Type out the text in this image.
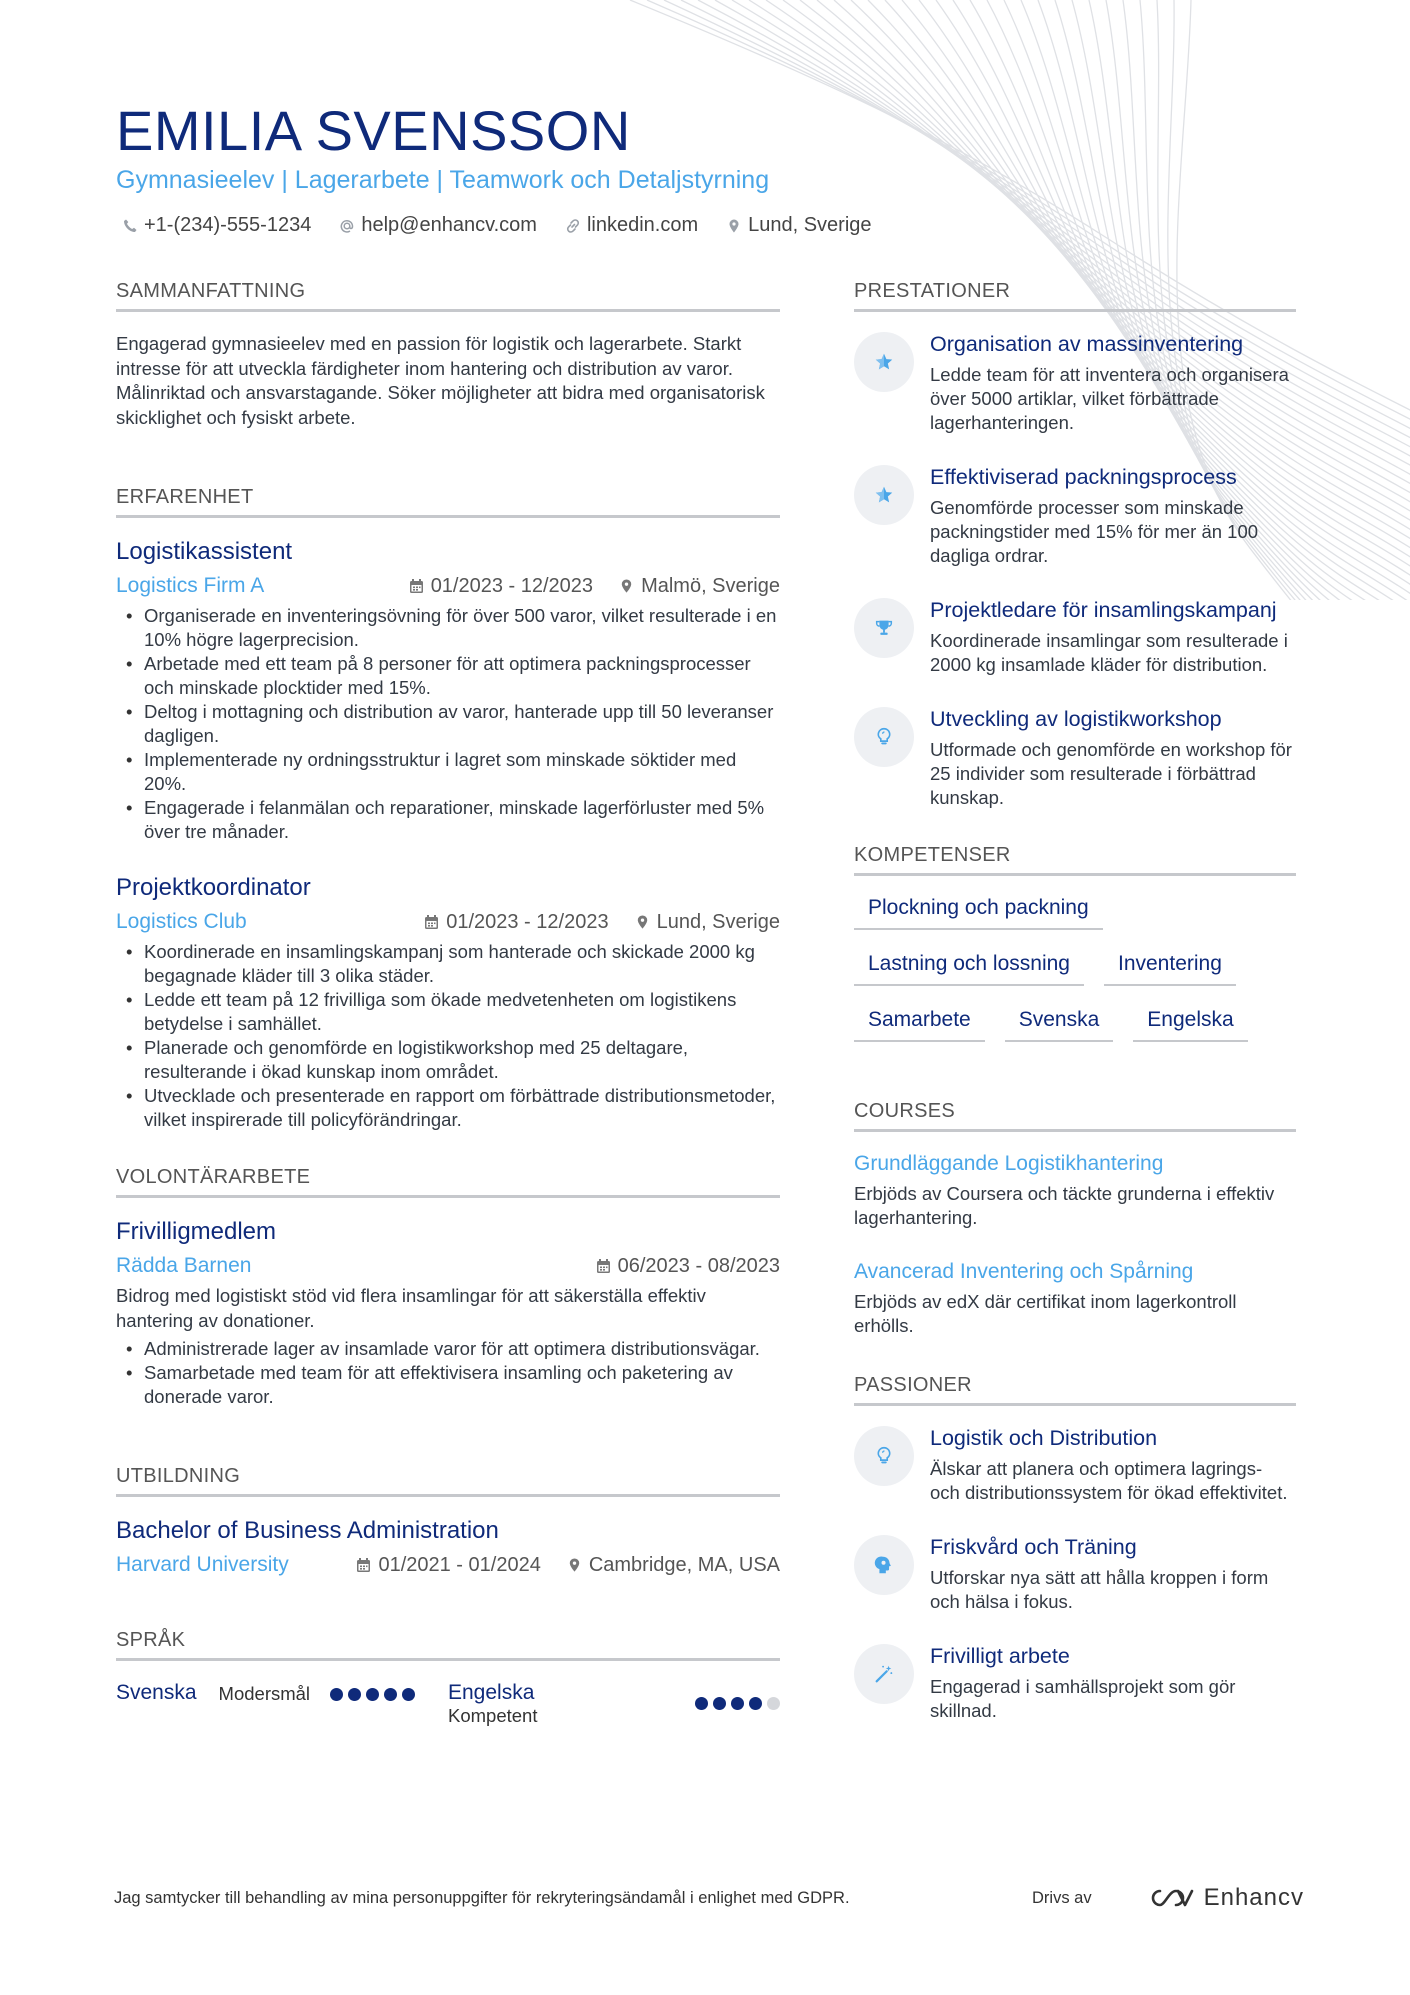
EMILIA SVENSSON
Gymnasieelev | Lagerarbete | Teamwork och Detaljstyrning
+1-(234)-555-1234	help@enhancv.com	linkedin.com	Lund, Sverige
SAMMANFATTNING
Engagerad gymnasieelev med en passion för logistik och lagerarbete. Starkt intresse för att utveckla färdigheter inom hantering och distribution av varor. Målinriktad och ansvarstagande. Söker möjligheter att bidra med organisatorisk skicklighet och fysiskt arbete.
ERFARENHET
Logistikassistent
Logistics Firm A	01/2023 - 12/2023 Malmö, Sverige
• Organiserade en inventeringsövning för över 500 varor, vilket resulterade i en 10% högre lagerprecision.
• Arbetade med ett team på 8 personer för att optimera packningsprocesser och minskade plocktider med 15%.
• Deltog i mottagning och distribution av varor, hanterade upp till 50 leveranser dagligen.
• Implementerade ny ordningsstruktur i lagret som minskade söktider med 20%.
• Engagerade i felanmälan och reparationer, minskade lagerförluster med 5% över tre månader.
Projektkoordinator
Logistics Club	01/2023 - 12/2023 Lund, Sverige
• Koordinerade en insamlingskampanj som hanterade och skickade 2000 kg begagnade kläder till 3 olika städer.
• Ledde ett team på 12 frivilliga som ökade medvetenheten om logistikens betydelse i samhället.
• Planerade och genomförde en logistikworkshop med 25 deltagare, resulterande i ökad kunskap inom området.
• Utvecklade och presenterade en rapport om förbättrade distributionsmetoder, vilket inspirerade till policyförändringar.
VOLONTÄRARBETE
Frivilligmedlem
Rädda Barnen	06/2023 - 08/2023
Bidrog med logistiskt stöd vid flera insamlingar för att säkerställa effektiv hantering av donationer.
• Administrerade lager av insamlade varor för att optimera distributionsvägar.
• Samarbetade med team för att effektivisera insamling och paketering av donerade varor.
UTBILDNING
Bachelor of Business Administration
Harvard University	01/2021 - 01/2024 Cambridge, MA, USA
SPRÅK
Svenska Modersmål	Engelska
Kompetent
PRESTATIONER
Organisation av massinventering
Ledde team för att inventera och organisera över 5000 artiklar, vilket förbättrade lagerhanteringen.
Effektiviserad packningsprocess
Genomförde processer som minskade packningstider med 15% för mer än 100 dagliga ordrar.
Projektledare för insamlingskampanj
Koordinerade insamlingar som resulterade i 2000 kg insamlade kläder för distribution.
Utveckling av logistikworkshop
Utformade och genomförde en workshop för 25 individer som resulterade i förbättrad kunskap.
KOMPETENSER
Plockning och packning
Lastning och lossning	Inventering
Samarbete	Svenska	Engelska
COURSES
Grundläggande Logistikhantering
Erbjöds av Coursera och täckte grunderna i effektiv lagerhantering.
Avancerad Inventering och Spårning
Erbjöds av edX där certifikat inom lagerkontroll erhölls.
PASSIONER
Logistik och Distribution
Älskar att planera och optimera lagrings- och distributionssystem för ökad effektivitet.
Friskvård och Träning
Utforskar nya sätt att hålla kroppen i form och hälsa i fokus.
Frivilligt arbete
Engagerad i samhällsprojekt som gör skillnad.
Jag samtycker till behandling av mina personuppgifter för rekryteringsändamål i enlighet med GDPR.	Drivs av	Enhancv
